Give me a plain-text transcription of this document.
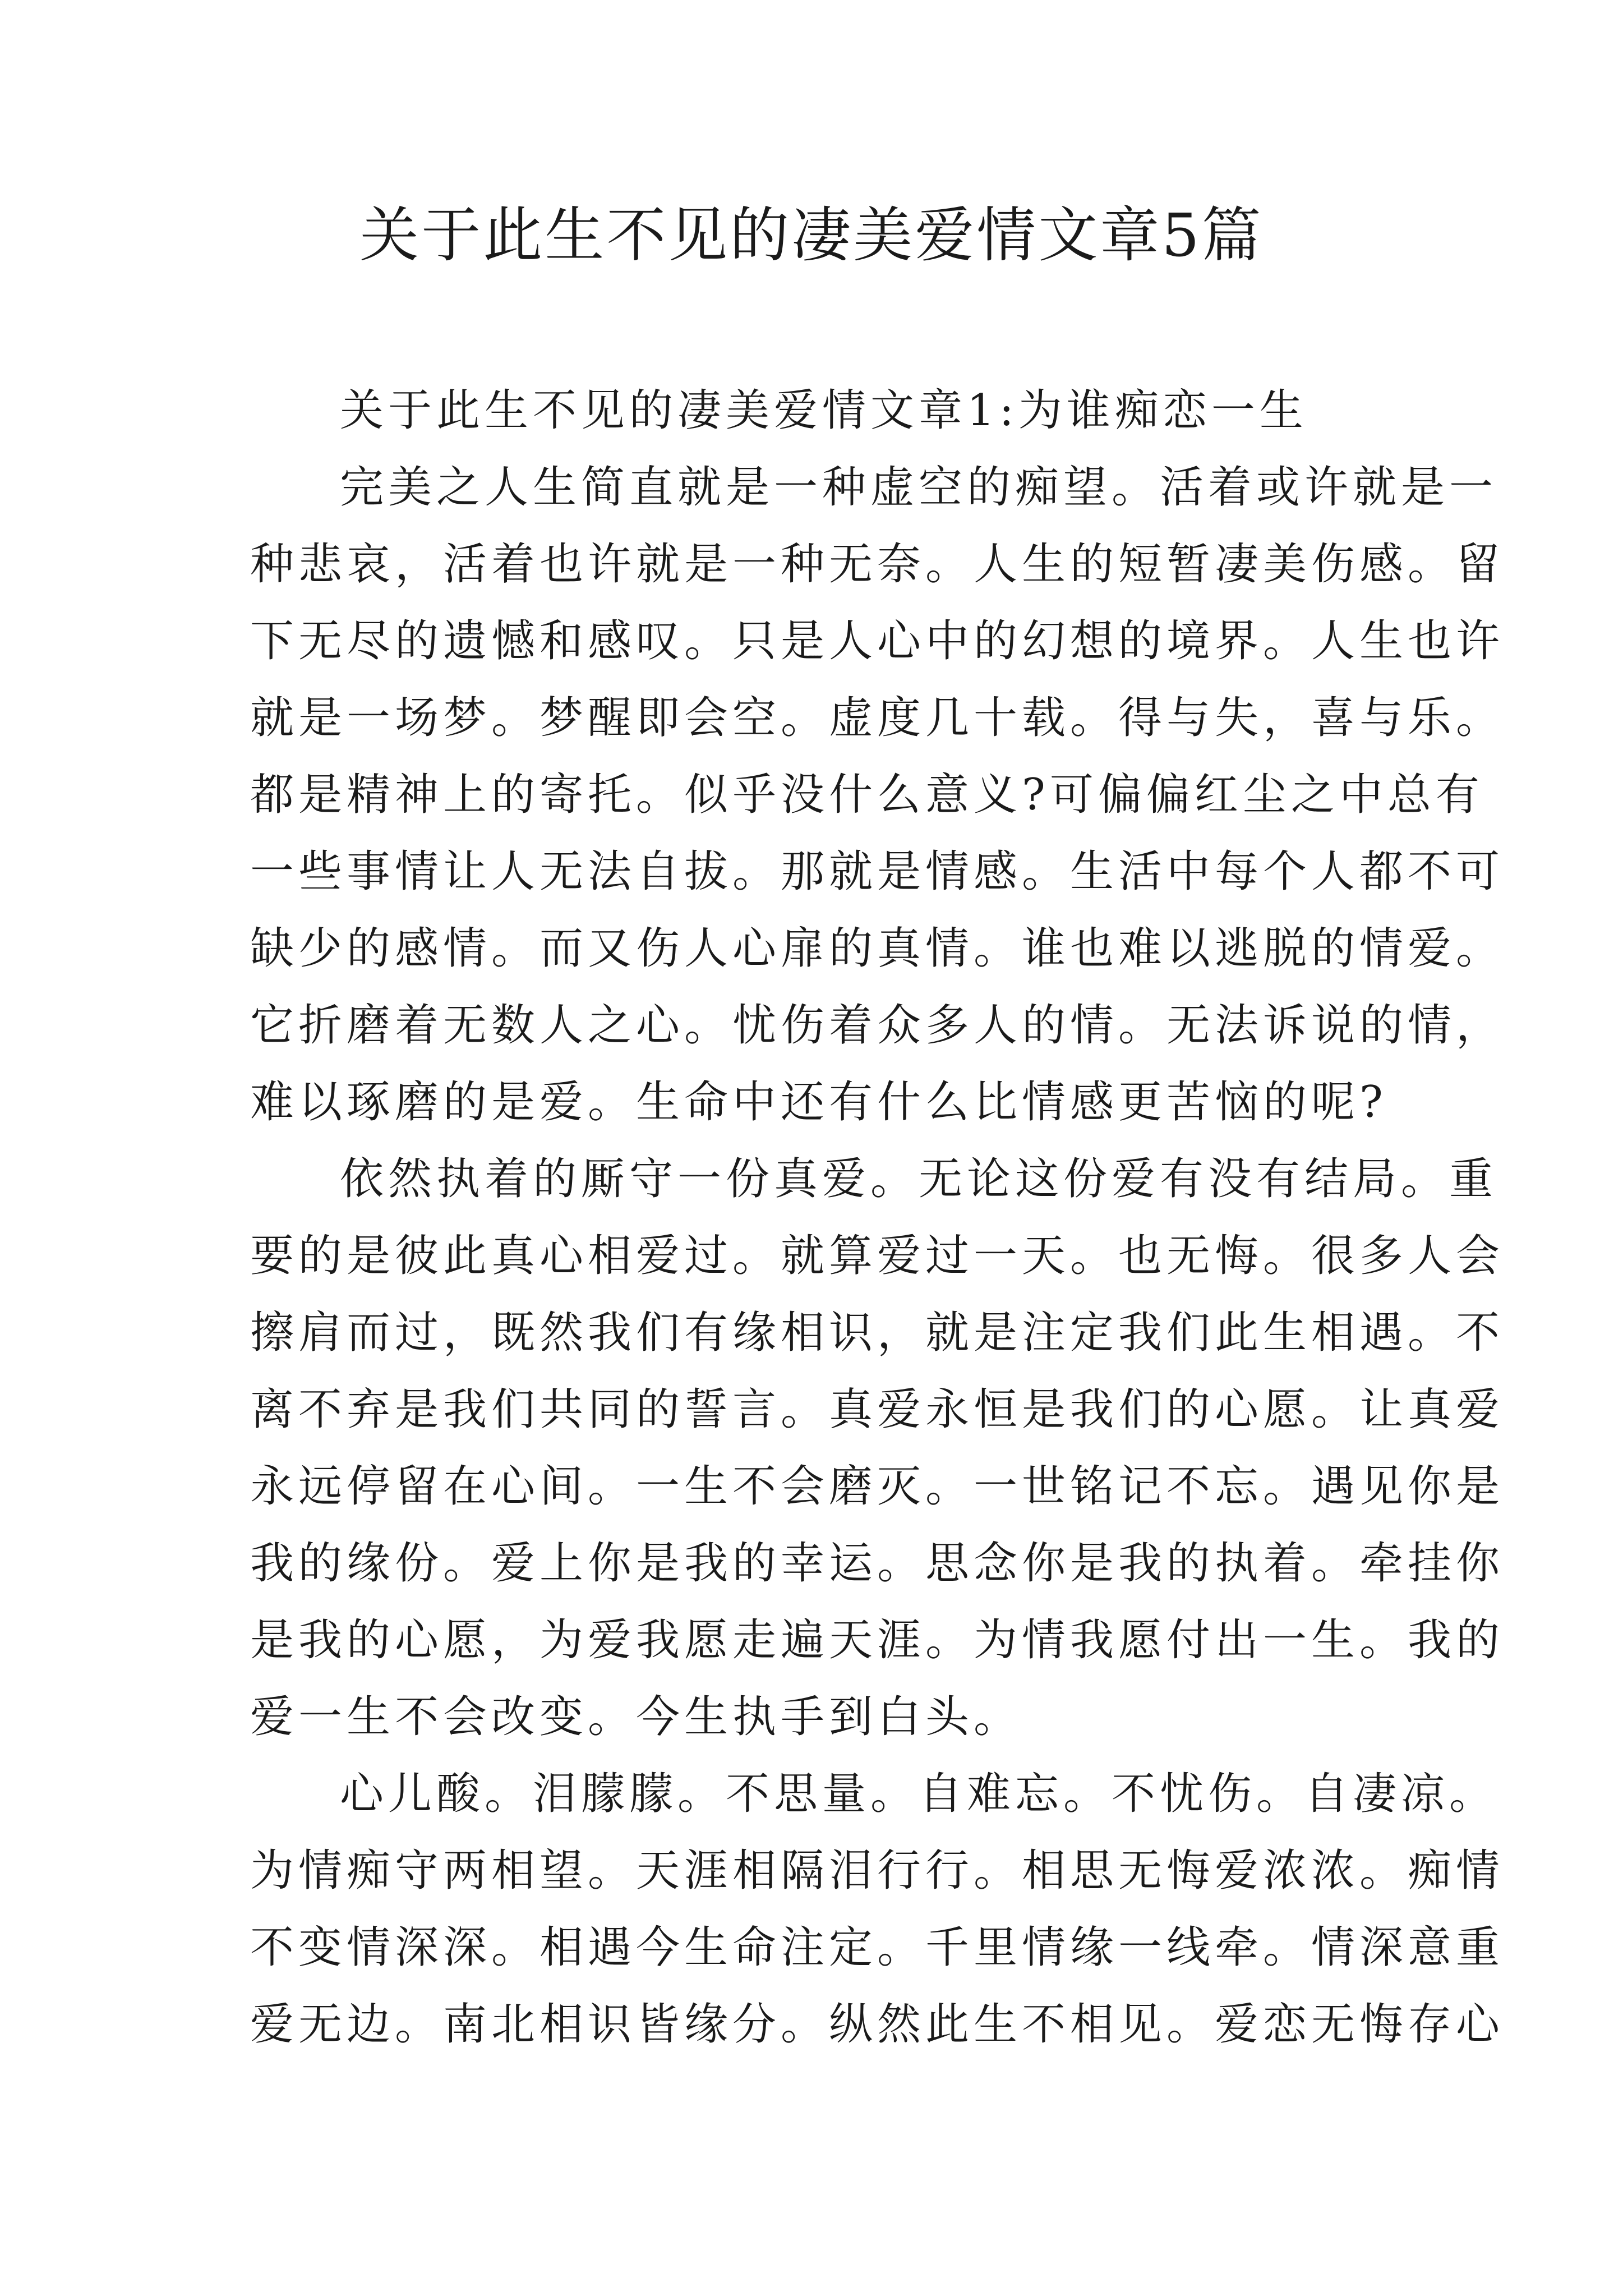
关于此生不见的凄美爱情文章5篇
关于此生不见的凄美爱情文章1:为谁痴恋一生
完美之人生简直就是一种虚空的痴望。活着或许就是一
种悲哀，活着也许就是一种无奈。人生的短暂凄美伤感。留
下无尽的遗憾和感叹。只是人心中的幻想的境界。人生也许
就是一场梦。梦醒即会空。虚度几十载。得与失，喜与乐。
都是精神上的寄托。似乎没什么意义?可偏偏红尘之中总有
一些事情让人无法自拔。那就是情感。生活中每个人都不可
缺少的感情。而又伤人心扉的真情。谁也难以逃脱的情爱。
它折磨着无数人之心。忧伤着众多人的情。无法诉说的情，
难以琢磨的是爱。生命中还有什么比情感更苦恼的呢?
依然执着的厮守一份真爱。无论这份爱有没有结局。重
要的是彼此真心相爱过。就算爱过一天。也无悔。很多人会
擦肩而过，既然我们有缘相识，就是注定我们此生相遇。不
离不弃是我们共同的誓言。真爱永恒是我们的心愿。让真爱
永远停留在心间。一生不会磨灭。一世铭记不忘。遇见你是
我的缘份。爱上你是我的幸运。思念你是我的执着。牵挂你
是我的心愿，为爱我愿走遍天涯。为情我愿付出一生。我的
爱一生不会改变。今生执手到白头。
心儿酸。泪朦朦。不思量。自难忘。不忧伤。自凄凉。
为情痴守两相望。天涯相隔泪行行。相思无悔爱浓浓。痴情
不变情深深。相遇今生命注定。千里情缘一线牵。情深意重
爱无边。南北相识皆缘分。纵然此生不相见。爱恋无悔存心
